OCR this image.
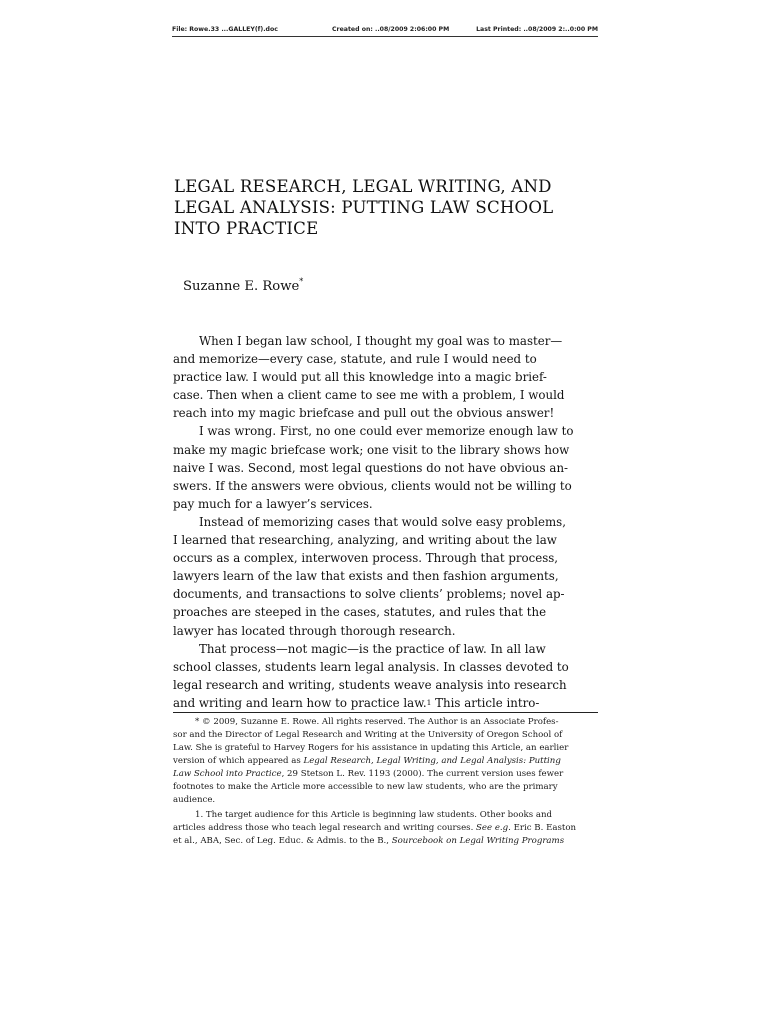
File: Rowe.33 ...GALLEY(f).doc	Created on: ..08/2009 2:06:00 PM	Last Printed: ..08/2009 2:..0:00 PM
LEGAL RESEARCH, LEGAL WRITING, AND
LEGAL ANALYSIS: PUTTING LAW SCHOOL
INTO PRACTICE
Suzanne E. Rowe*
When I began law school, I thought my goal was to master—
and memorize—every case, statute, and rule I would need to
practice law. I would put all this knowledge into a magic brief-
case. Then when a client came to see me with a problem, I would
reach into my magic briefcase and pull out the obvious answer!
I was wrong. First, no one could ever memorize enough law to
make my magic briefcase work; one visit to the library shows how
naive I was. Second, most legal questions do not have obvious an-
swers. If the answers were obvious, clients would not be willing to
pay much for a lawyer’s services.
Instead of memorizing cases that would solve easy problems,
I learned that researching, analyzing, and writing about the law
occurs as a complex, interwoven process. Through that process,
lawyers learn of the law that exists and then fashion arguments,
documents, and transactions to solve clients’ problems; novel ap-
proaches are steeped in the cases, statutes, and rules that the
lawyer has located through thorough research.
That process—not magic—is the practice of law. In all law
school classes, students learn legal analysis. In classes devoted to
legal research and writing, students weave analysis into research
and writing and learn how to practice law. 1
This article intro-
* © 2009, Suzanne E. Rowe. All rights reserved. The Author is an Associate Profes-
sor and the Director of Legal Research and Writing at the University of Oregon School of
Law. She is grateful to Harvey Rogers for his assistance in updating this Article, an earlier
version of which appeared as
Legal Research, Legal Writing, and Legal Analysis: Putting
Law School into Practice , 29 Stetson L. Rev. 1193 (2000). The current version uses fewer
footnotes to make the Article more accessible to new law students, who are the primary
audience.
1. The target audience for this Article is beginning law students. Other books and
articles address those who teach legal research and writing courses.
See e.g.
Eric B. Easton
et al., ABA, Sec. of Leg. Educ. & Admis. to the B.,
Sourcebook on Legal Writing Programs
